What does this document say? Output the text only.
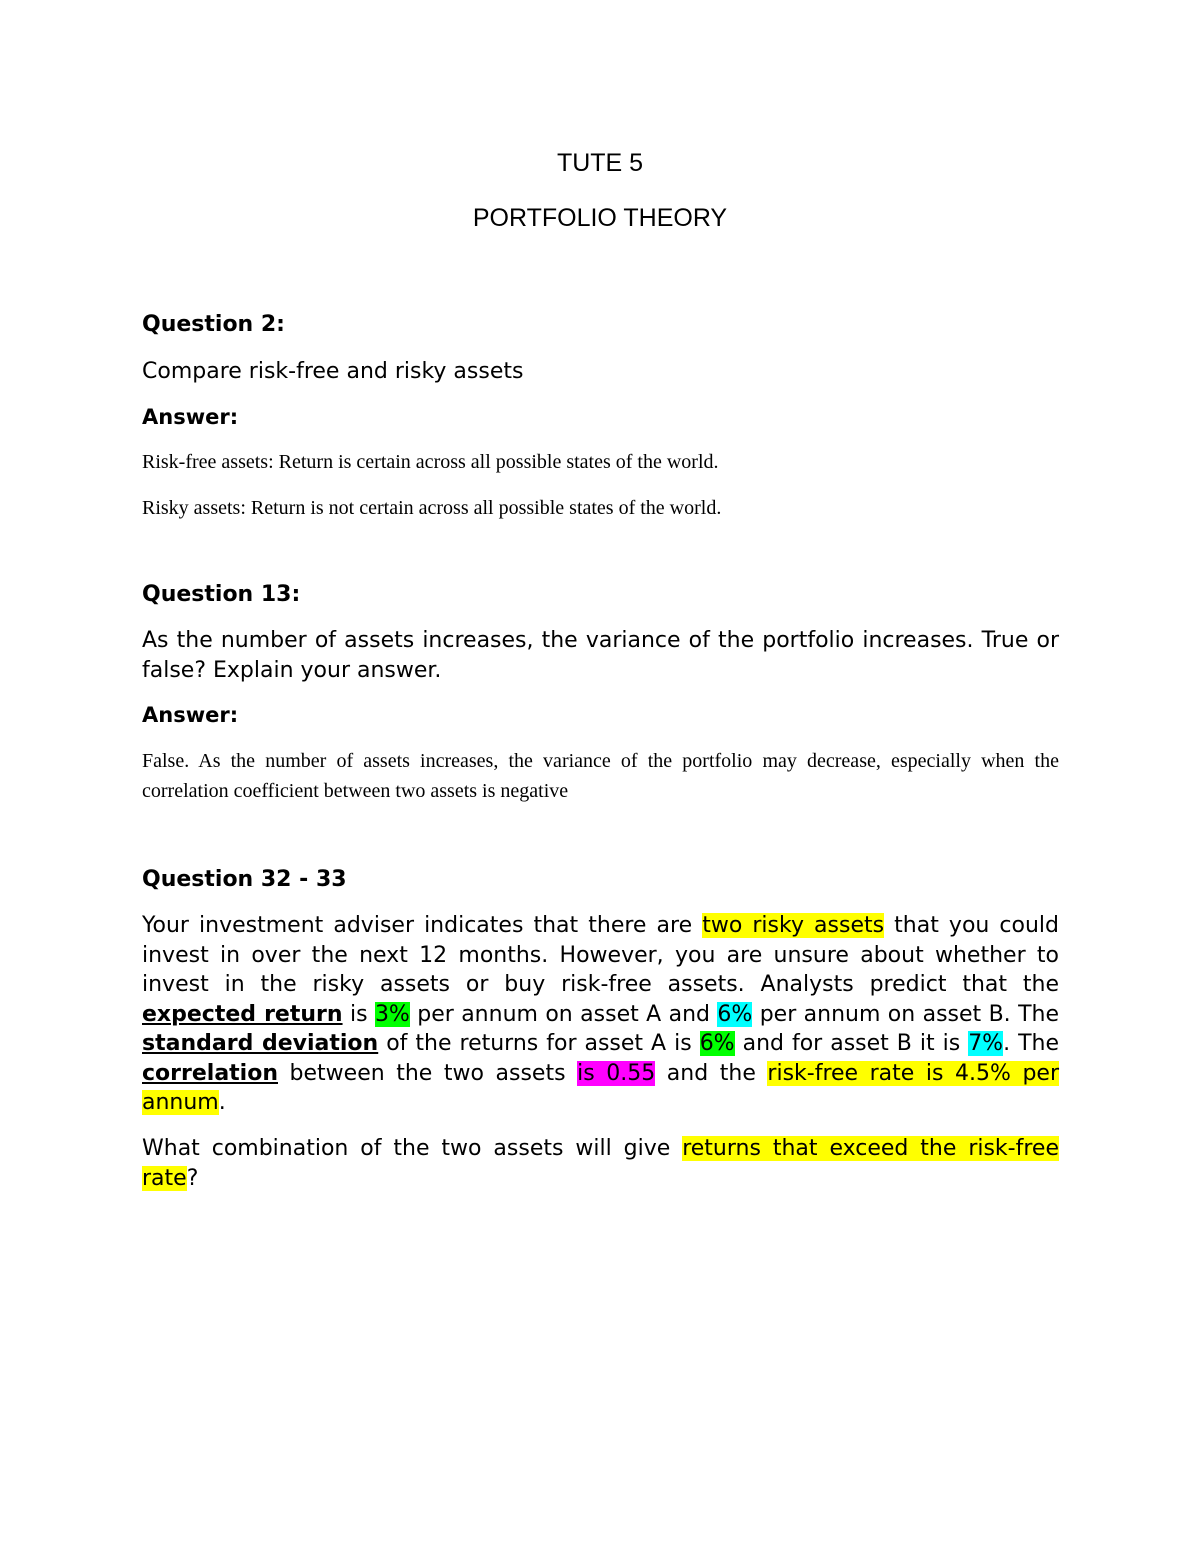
TUTE 5
PORTFOLIO THEORY
Question 2:
Compare risk-free and risky assets
Answer:
Risk-free assets: Return is certain across all possible states of the world.
Risky assets: Return is not certain across all possible states of the world.
Question 13:
As the number of assets increases, the variance of the portfolio increases. True or false? Explain your answer.
Answer:
False. As the number of assets increases, the variance of the portfolio may decrease, especially when the correlation coefficient between two assets is negative
Question 32 - 33
Your investment adviser indicates that there are two risky assets that you could invest in over the next 12 months. However, you are unsure about whether to invest in the risky assets or buy risk-free assets. Analysts predict that the expected return is 3% per annum on asset A and 6% per annum on asset B. The standard deviation of the returns for asset A is 6% and for asset B it is 7%. The correlation between the two assets is 0.55 and the risk-free rate is 4.5% per annum.
What combination of the two assets will give returns that exceed the risk-free rate?
